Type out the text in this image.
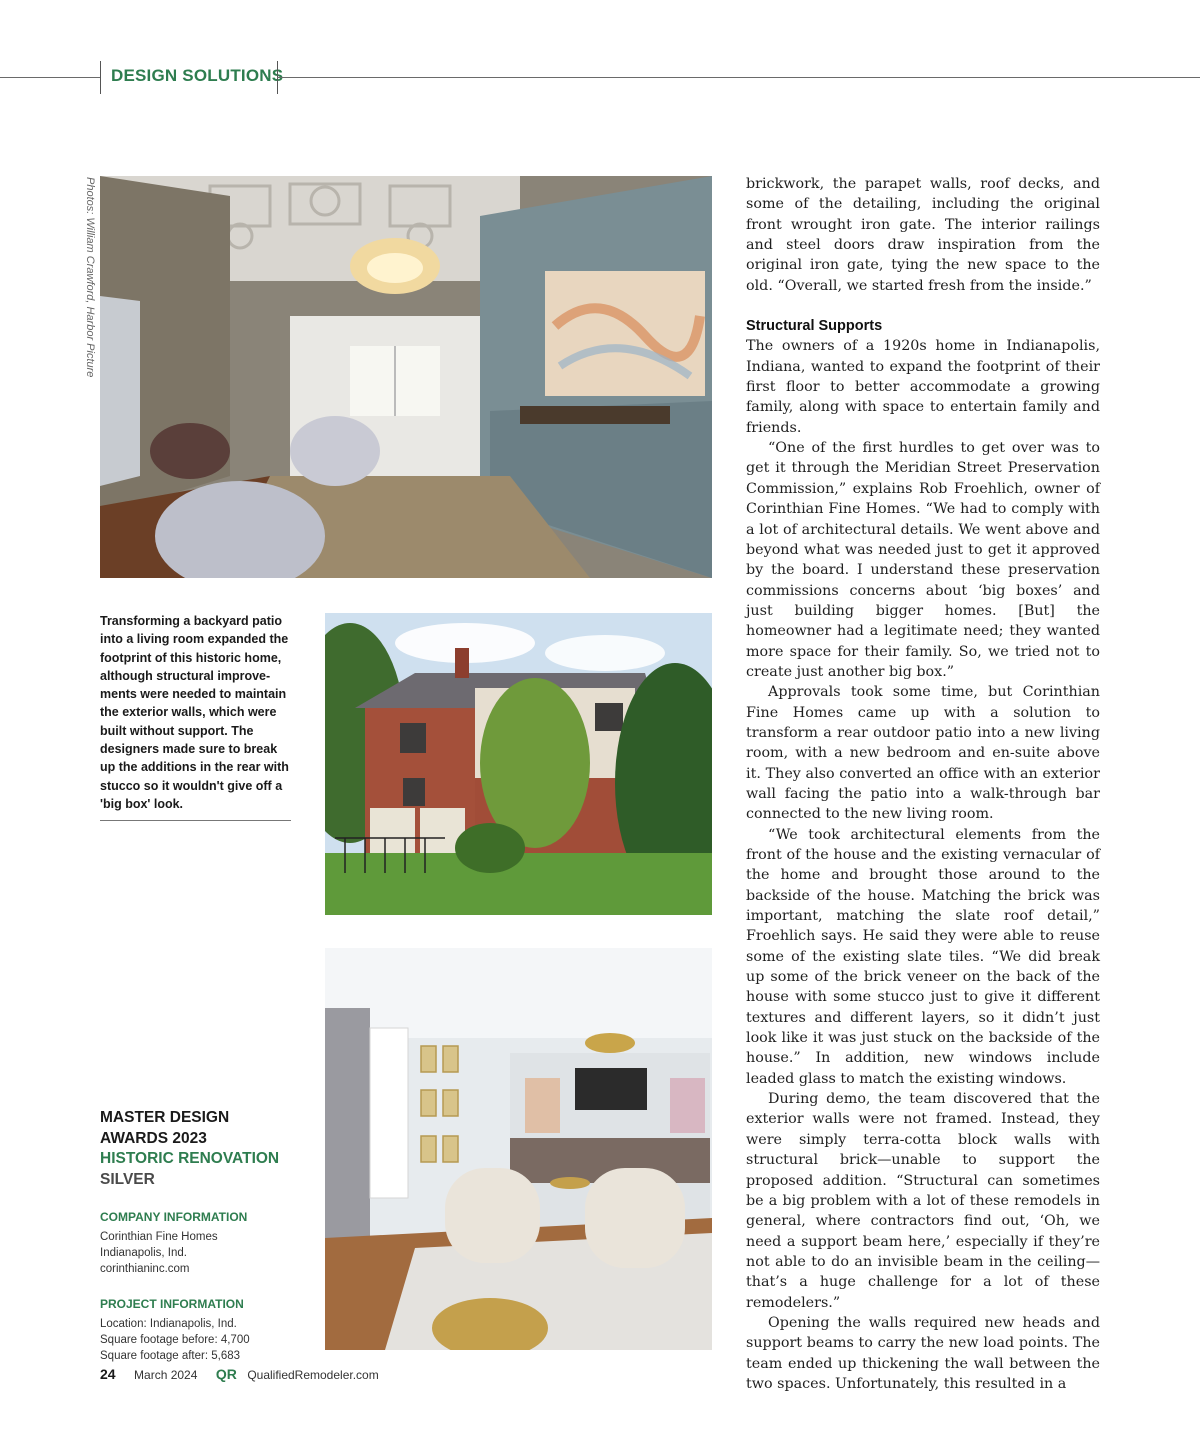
DESIGN SOLUTIONS
Photos: William Crawford, Harbor Picture

Transforming a backyard patio into a living room expanded the footprint of this historic home, although structural improvements were needed to maintain the exterior walls, which were built without support. The designers made sure to break up the additions in the rear with stucco so it wouldn't give off a 'big box' look.

MASTER DESIGN

AWARDS 2023

HISTORIC RENOVATION

SILVER

COMPANY INFORMATION

Corinthian Fine Homes

Indianapolis, Ind.

corinthianinc.com

PROJECT INFORMATION

Location: Indianapolis, Ind.

Square footage before: 4,700

Square footage after: 5,683

brickwork, the parapet walls, roof decks, and some of the detailing, including the original front wrought iron gate. The interior railings and steel doors draw inspiration from the original iron gate, tying the new space to the old. “Overall, we started fresh from the inside.”

Structural Supports

The owners of a 1920s home in Indianapolis, Indiana, wanted to expand the footprint of their first floor to better accommodate a growing family, along with space to entertain family and friends.

“One of the first hurdles to get over was to get it through the Meridian Street Preservation Commission,” explains Rob Froehlich, owner of Corinthian Fine Homes. “We had to comply with a lot of architectural details. We went above and beyond what was needed just to get it approved by the board. I understand these preservation commissions concerns about ‘big boxes’ and just building bigger homes. [But] the homeowner had a legitimate need; they wanted more space for their family. So, we tried not to create just another big box.”

Approvals took some time, but Corinthian Fine Homes came up with a solution to transform a rear outdoor patio into a new living room, with a new bedroom and en-suite above it. They also converted an office with an exterior wall facing the patio into a walk-through bar connected to the new living room.

“We took architectural elements from the front of the house and the existing vernacular of the home and brought those around to the backside of the house. Matching the brick was important, matching the slate roof detail,” Froehlich says. He said they were able to reuse some of the existing slate tiles. “We did break up some of the brick veneer on the back of the house with some stucco just to give it different textures and different layers, so it didn’t just look like it was just stuck on the backside of the house.” In addition, new windows include leaded glass to match the existing windows.

During demo, the team discovered that the exterior walls were not framed. Instead, they were simply terra-cotta block walls with structural brick—unable to support the proposed addition. “Structural can sometimes be a big problem with a lot of these remodels in general, where contractors find out, ‘Oh, we need a support beam here,’ especially if they’re not able to do an invisible beam in the ceiling—that’s a huge challenge for a lot of these remodelers.”

Opening the walls required new heads and support beams to carry the new load points. The team ended up thickening the wall between the two spaces. Unfortunately, this resulted in a

24 March 2024 QR QualifiedRemodeler.com
